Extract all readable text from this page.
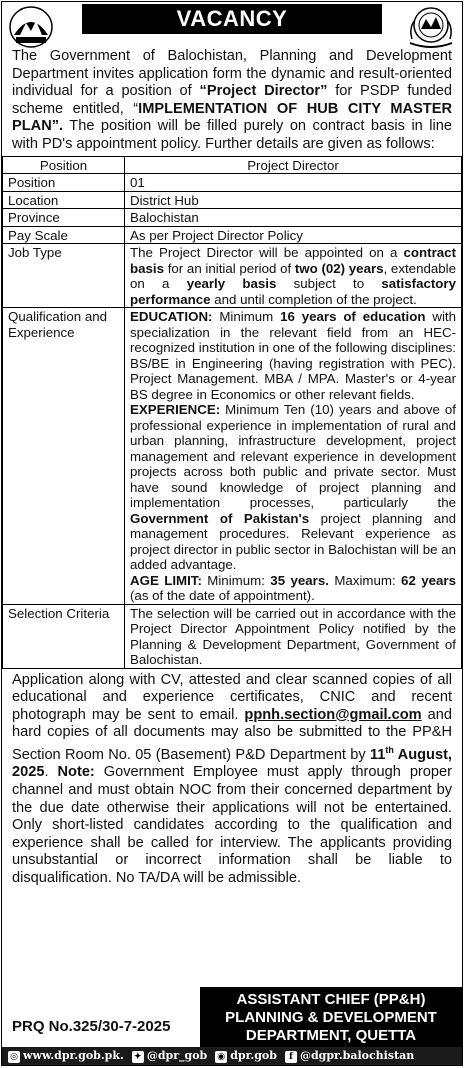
VACANCY
The Government of Balochistan, Planning and Development Department invites application form the dynamic and result-oriented individual for a position of “Project Director” for PSDP funded scheme entitled, “IMPLEMENTATION OF HUB CITY MASTER PLAN”. The position will be filled purely on contract basis in line with PD's appointment policy. Further details are given as follows:
Position	Project Director
Position	01
Location	District Hub
Province	Balochistan
Pay Scale	As per Project Director Policy
Job Type	The Project Director will be appointed on a contract basis for an initial period of two (02) years, extendable on a yearly basis subject to satisfactory performance and until completion of the project.
Qualification and Experience	EDUCATION: Minimum 16 years of education with specialization in the relevant field from an HEC-recognized institution in one of the following disciplines: BS/BE in Engineering (having registration with PEC). Project Management. MBA / MPA. Master's or 4-year BS degree in Economics or other relevant fields.
EXPERIENCE: Minimum Ten (10) years and above of professional experience in implementation of rural and urban planning, infrastructure development, project management and relevant experience in development projects across both public and private sector. Must have sound knowledge of project planning and implementation processes, particularly the Government of Pakistan's project planning and management procedures. Relevant experience as project director in public sector in Balochistan will be an added advantage.
AGE LIMIT: Minimum: 35 years. Maximum: 62 years (as of the date of appointment).
Selection Criteria	The selection will be carried out in accordance with the Project Director Appointment Policy notified by the Planning & Development Department, Government of Balochistan.
Application along with CV, attested and clear scanned copies of all educational and experience certificates, CNIC and recent photograph may be sent to email. ppnh.section@gmail.com and hard copies of all documents may also be submitted to the PP&H Section Room No. 05 (Basement) P&D Department by 11th August, 2025. Note: Government Employee must apply through proper channel and must obtain NOC from their concerned department by the due date otherwise their applications will not be entertained. Only short-listed candidates according to the qualification and experience shall be called for interview. The applicants providing unsubstantial or incorrect information shall be liable to disqualification. No TA/DA will be admissible.
PRQ No.325/30-7-2025
ASSISTANT CHIEF (PP&H)
PLANNING & DEVELOPMENT
DEPARTMENT, QUETTA
◎ www.dpr.gob.pk. ✦ @dpr_gob ◉ dpr.gob	f @dgpr.balochistan
